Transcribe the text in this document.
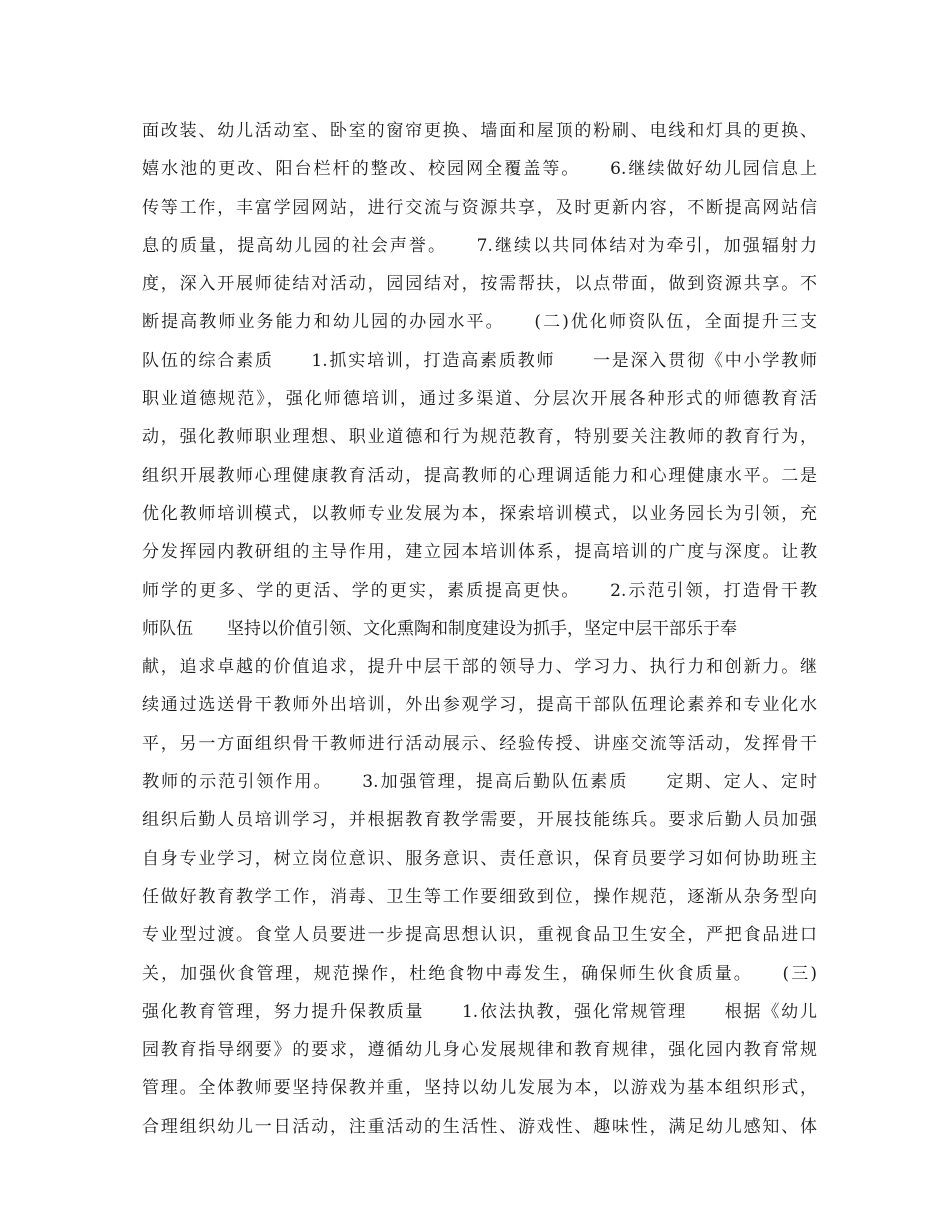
面改装、幼儿活动室、卧室的窗帘更换、墙面和屋顶的粉刷、电线和灯具的更换、
嬉水池的更改、阳台栏杆的整改、校园网全覆盖等。　　6.继续做好幼儿园信息上
传等工作，丰富学园网站，进行交流与资源共享，及时更新内容，不断提高网站信
息的质量，提高幼儿园的社会声誉。　　7.继续以共同体结对为牵引，加强辐射力
度，深入开展师徒结对活动，园园结对，按需帮扶，以点带面，做到资源共享。不
断提高教师业务能力和幼儿园的办园水平。　　(二)优化师资队伍，全面提升三支
队伍的综合素质　　1.抓实培训，打造高素质教师　　一是深入贯彻《中小学教师
职业道德规范》，强化师德培训，通过多渠道、分层次开展各种形式的师德教育活
动，强化教师职业理想、职业道德和行为规范教育，特别要关注教师的教育行为，
组织开展教师心理健康教育活动，提高教师的心理调适能力和心理健康水平。二是
优化教师培训模式，以教师专业发展为本，探索培训模式，以业务园长为引领，充
分发挥园内教研组的主导作用，建立园本培训体系，提高培训的广度与深度。让教
师学的更多、学的更活、学的更实，素质提高更快。　　2.示范引领，打造骨干教
师队伍　　坚持以价值引领、文化熏陶和制度建设为抓手，坚定中层干部乐于奉
献，追求卓越的价值追求，提升中层干部的领导力、学习力、执行力和创新力。继
续通过选送骨干教师外出培训，外出参观学习，提高干部队伍理论素养和专业化水
平，另一方面组织骨干教师进行活动展示、经验传授、讲座交流等活动，发挥骨干
教师的示范引领作用。　　3.加强管理，提高后勤队伍素质　　定期、定人、定时
组织后勤人员培训学习，并根据教育教学需要，开展技能练兵。要求后勤人员加强
自身专业学习，树立岗位意识、服务意识、责任意识，保育员要学习如何协助班主
任做好教育教学工作，消毒、卫生等工作要细致到位，操作规范，逐渐从杂务型向
专业型过渡。食堂人员要进一步提高思想认识，重视食品卫生安全，严把食品进口
关，加强伙食管理，规范操作，杜绝食物中毒发生，确保师生伙食质量。　　(三)
强化教育管理，努力提升保教质量　　1.依法执教，强化常规管理　　根据《幼儿
园教育指导纲要》的要求，遵循幼儿身心发展规律和教育规律，强化园内教育常规
管理。全体教师要坚持保教并重，坚持以幼儿发展为本，以游戏为基本组织形式，
合理组织幼儿一日活动，注重活动的生活性、游戏性、趣味性，满足幼儿感知、体
